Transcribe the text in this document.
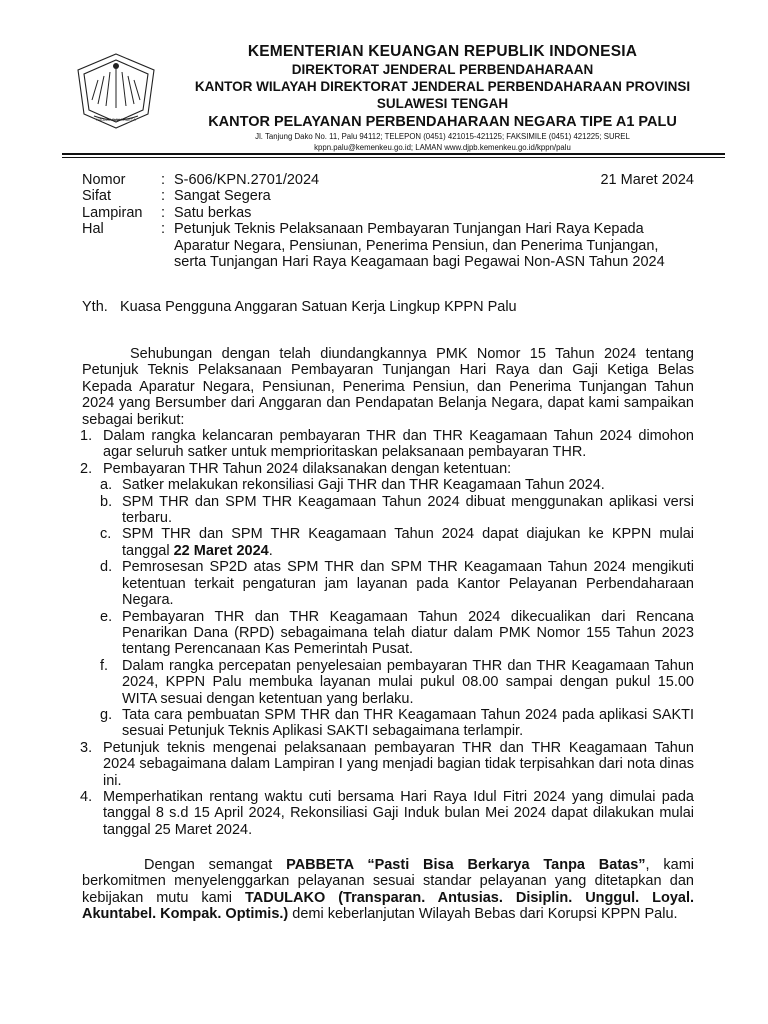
NAGARA DANA RAKCA
KEMENTERIAN KEUANGAN REPUBLIK INDONESIA
DIREKTORAT JENDERAL PERBENDAHARAAN
KANTOR WILAYAH DIREKTORAT JENDERAL PERBENDAHARAAN PROVINSI
SULAWESI TENGAH
KANTOR PELAYANAN PERBENDAHARAAN NEGARA TIPE A1 PALU
Jl. Tanjung Dako No. 11, Palu 94112; TELEPON (0451) 421015-421125; FAKSIMILE (0451) 421225; SUREL
kppn.palu@kemenkeu.go.id; LAMAN www.djpb.kemenkeu.go.id/kppn/palu
Nomor : S-606/KPN.2701/2024	21 Maret 2024
Sifat	: Sangat Segera
Lampiran : Satu berkas
Hal	: Petunjuk Teknis Pelaksanaan Pembayaran Tunjangan Hari Raya Kepada Aparatur Negara, Pensiunan, Penerima Pensiun, dan Penerima Tunjangan, serta Tunjangan Hari Raya Keagamaan bagi Pegawai Non-ASN Tahun 2024
Yth. Kuasa Pengguna Anggaran Satuan Kerja Lingkup KPPN Palu

Sehubungan dengan telah diundangkannya PMK Nomor 15 Tahun 2024 tentang Petunjuk Teknis Pelaksanaan Pembayaran Tunjangan Hari Raya dan Gaji Ketiga Belas Kepada Aparatur Negara, Pensiunan, Penerima Pensiun, dan Penerima Tunjangan Tahun 2024 yang Bersumber dari Anggaran dan Pendapatan Belanja Negara, dapat kami sampaikan sebagai berikut:

1. Dalam rangka kelancaran pembayaran THR dan THR Keagamaan Tahun 2024 dimohon agar seluruh satker untuk memprioritaskan pelaksanaan pembayaran THR.
2. Pembayaran THR Tahun 2024 dilaksanakan dengan ketentuan:
a. Satker melakukan rekonsiliasi Gaji THR dan THR Keagamaan Tahun 2024.
b. SPM THR dan SPM THR Keagamaan Tahun 2024 dibuat menggunakan aplikasi versi terbaru.
c. SPM THR dan SPM THR Keagamaan Tahun 2024 dapat diajukan ke KPPN mulai tanggal 22 Maret 2024.
d. Pemrosesan SP2D atas SPM THR dan SPM THR Keagamaan Tahun 2024 mengikuti ketentuan terkait pengaturan jam layanan pada Kantor Pelayanan Perbendaharaan Negara.
e. Pembayaran THR dan THR Keagamaan Tahun 2024 dikecualikan dari Rencana Penarikan Dana (RPD) sebagaimana telah diatur dalam PMK Nomor 155 Tahun 2023 tentang Perencanaan Kas Pemerintah Pusat.
f. Dalam rangka percepatan penyelesaian pembayaran THR dan THR Keagamaan Tahun 2024, KPPN Palu membuka layanan mulai pukul 08.00 sampai dengan pukul 15.00 WITA sesuai dengan ketentuan yang berlaku.
g. Tata cara pembuatan SPM THR dan THR Keagamaan Tahun 2024 pada aplikasi SAKTI sesuai Petunjuk Teknis Aplikasi SAKTI sebagaimana terlampir.
3. Petunjuk teknis mengenai pelaksanaan pembayaran THR dan THR Keagamaan Tahun 2024 sebagaimana dalam Lampiran I yang menjadi bagian tidak terpisahkan dari nota dinas ini.
4. Memperhatikan rentang waktu cuti bersama Hari Raya Idul Fitri 2024 yang dimulai pada tanggal 8 s.d 15 April 2024, Rekonsiliasi Gaji Induk bulan Mei 2024 dapat dilakukan mulai tanggal 25 Maret 2024.

Dengan semangat PABBETA “Pasti Bisa Berkarya Tanpa Batas”, kami berkomitmen menyelenggarkan pelayanan sesuai standar pelayanan yang ditetapkan dan kebijakan mutu kami TADULAKO (Transparan. Antusias. Disiplin. Unggul. Loyal. Akuntabel. Kompak. Optimis.) demi keberlanjutan Wilayah Bebas dari Korupsi KPPN Palu.
